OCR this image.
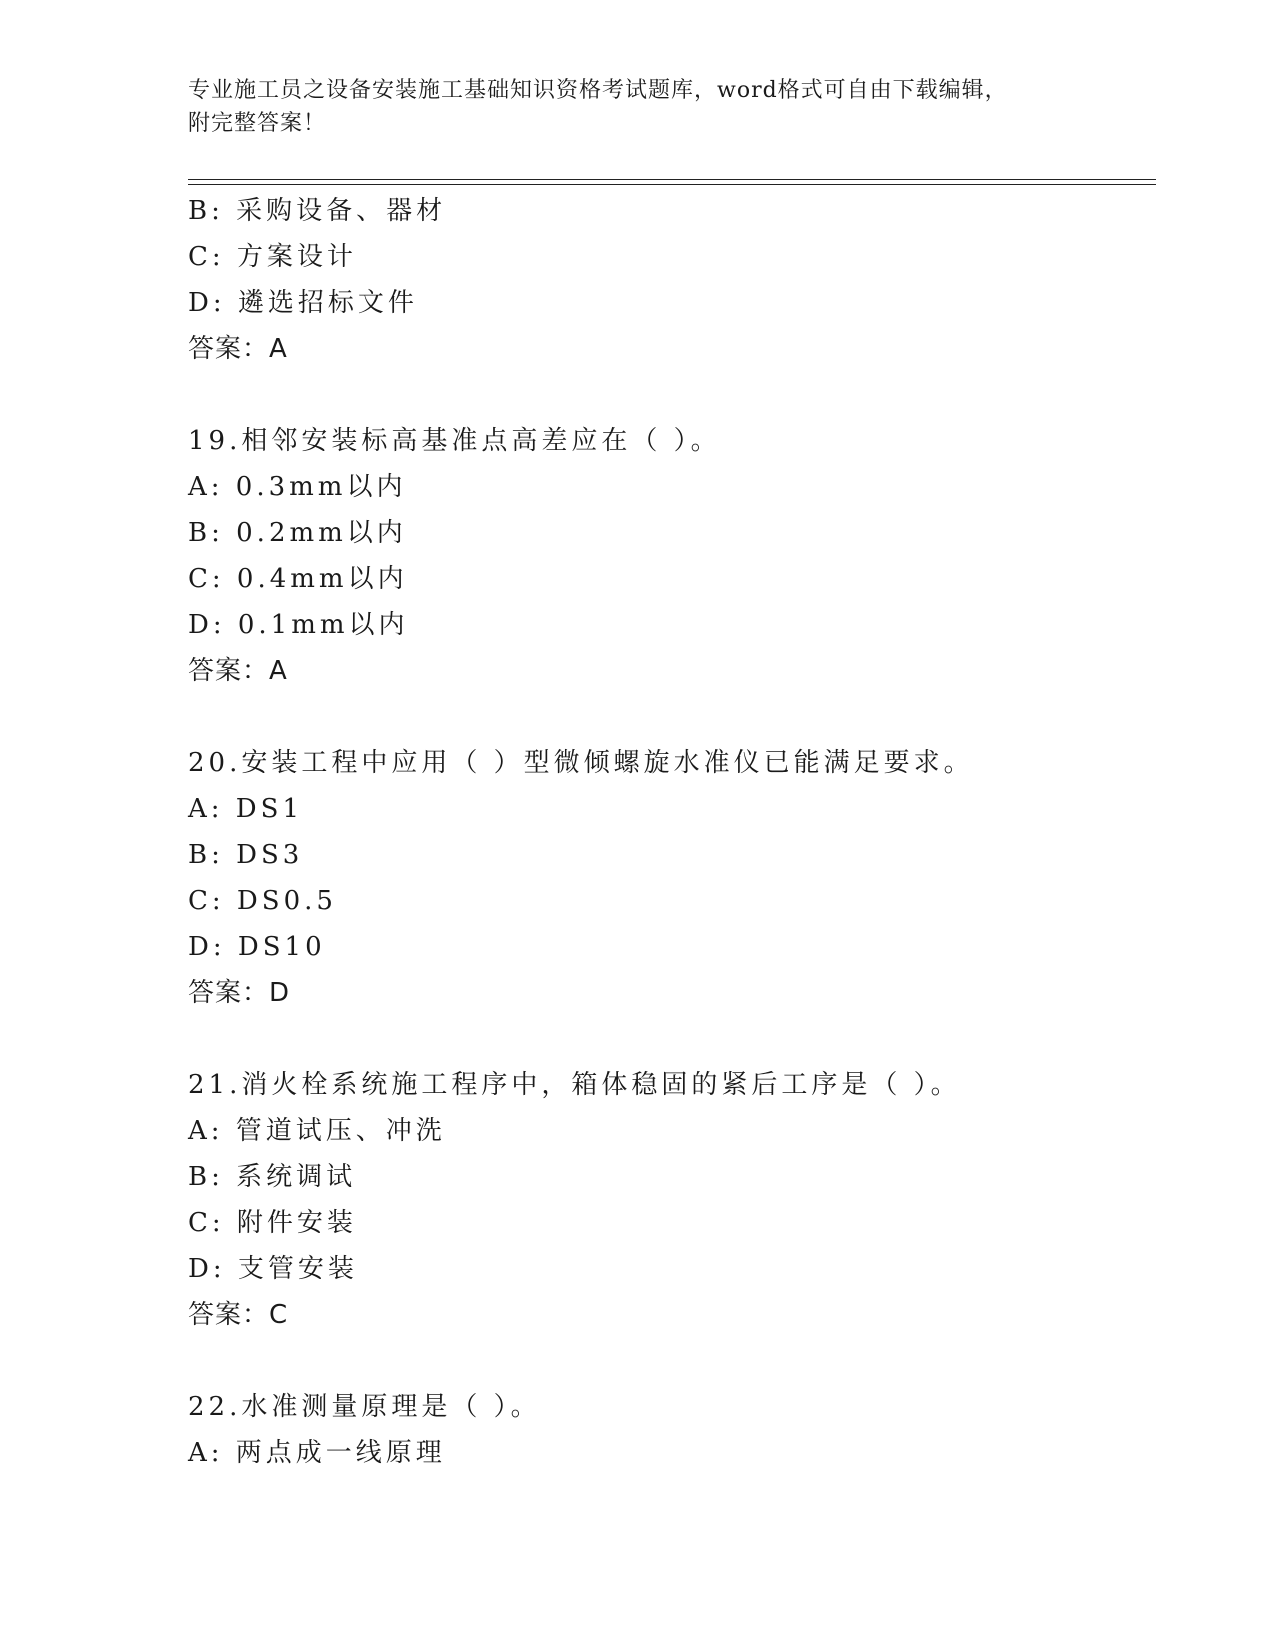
专业施工员之设备安装施工基础知识资格考试题库，word格式可自由下载编辑，
附完整答案！
B: 采购设备、器材
C: 方案设计
D: 遴选招标文件
答案：A
19.相邻安装标高基准点高差应在（ ）。
A: 0.3mm以内
B: 0.2mm以内
C: 0.4mm以内
D: 0.1mm以内
答案：A
20.安装工程中应用（ ）型微倾螺旋水准仪已能满足要求。
A: DS1
B: DS3
C: DS0.5
D: DS10
答案：D
21.消火栓系统施工程序中，箱体稳固的紧后工序是（ ）。
A: 管道试压、冲洗
B: 系统调试
C: 附件安装
D: 支管安装
答案：C
22.水准测量原理是（ ）。
A: 两点成一线原理
